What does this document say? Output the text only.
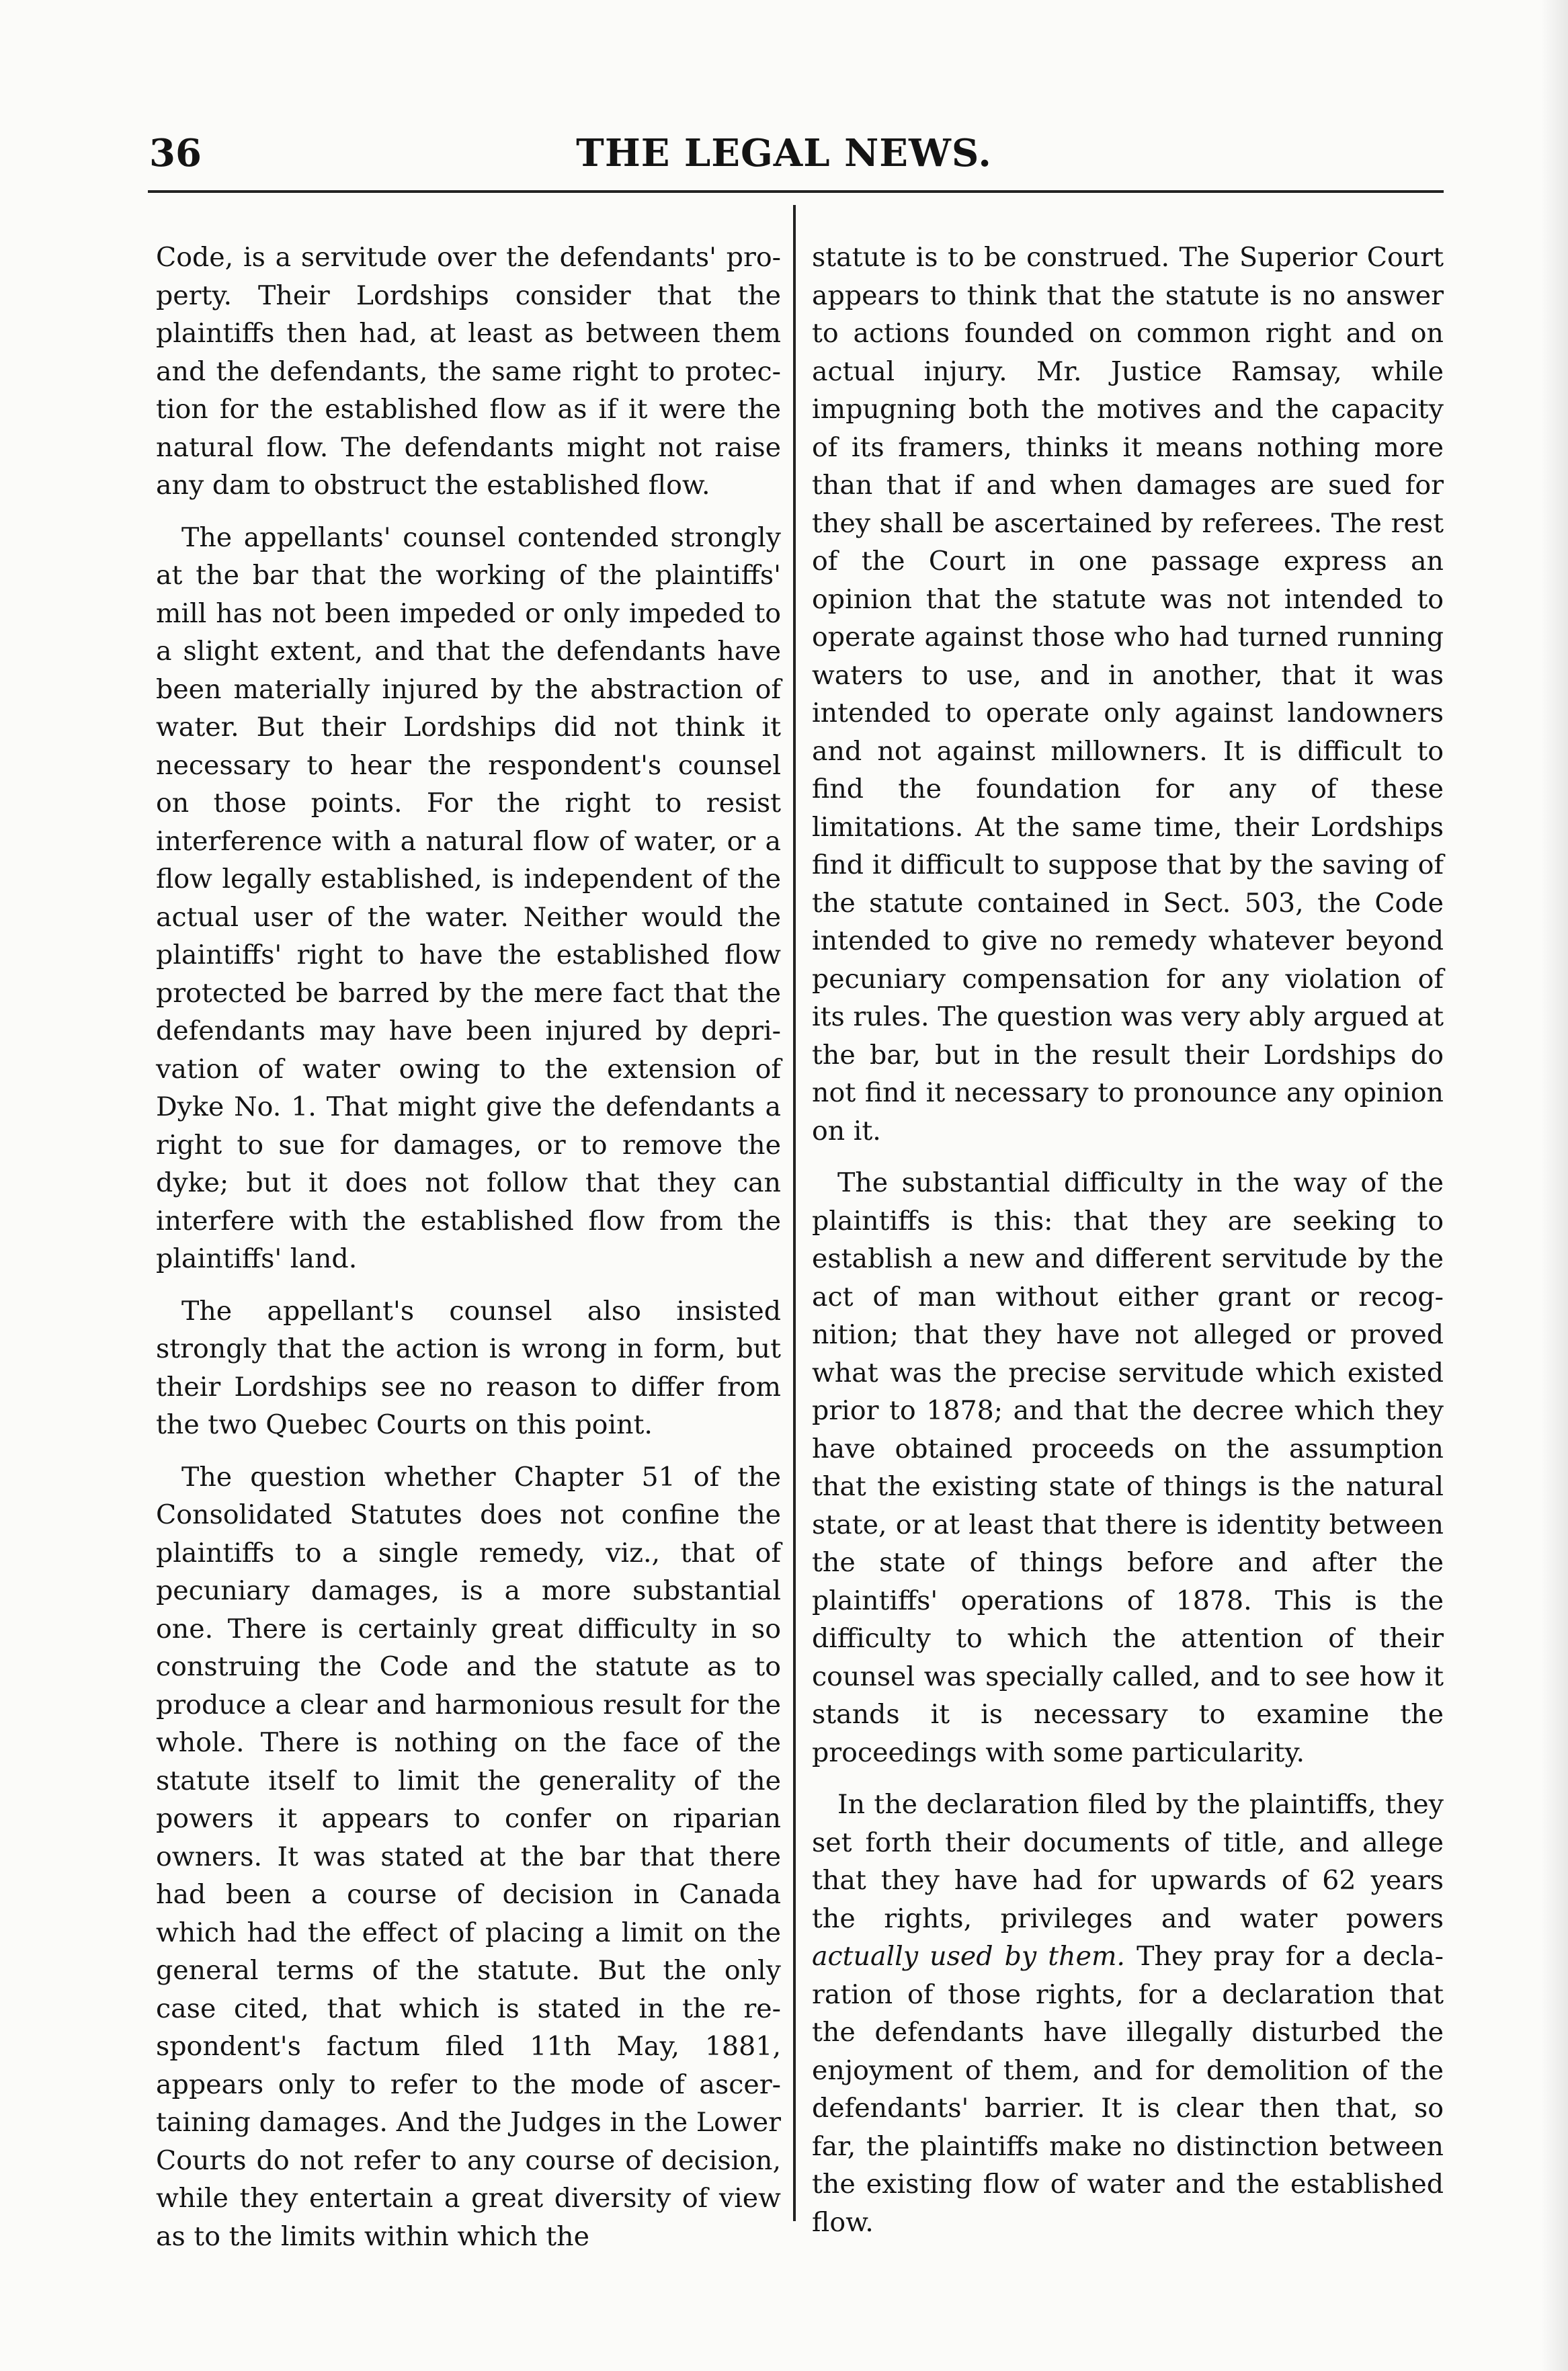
36	THE LEGAL NEWS.

Code, is a servitude over the defendants' property. Their Lordships consider that the plaintiffs then had, at least as between them and the defendants, the same right to protection for the established flow as if it were the natural flow. The defendants might not raise any dam to obstruct the established flow.

The appellants' counsel contended strongly at the bar that the working of the plaintiffs' mill has not been impeded or only impeded to a slight extent, and that the defendants have been materially injured by the abstraction of water. But their Lordships did not think it necessary to hear the respondent's counsel on those points. For the right to resist interference with a natural flow of water, or a flow legally established, is independent of the actual user of the water. Neither would the plaintiffs' right to have the established flow protected be barred by the mere fact that the defendants may have been injured by deprivation of water owing to the extension of Dyke No. 1. That might give the defendants a right to sue for damages, or to remove the dyke; but it does not follow that they can interfere with the established flow from the plaintiffs' land.

The appellant's counsel also insisted strongly that the action is wrong in form, but their Lordships see no reason to differ from the two Quebec Courts on this point.

The question whether Chapter 51 of the Consolidated Statutes does not confine the plaintiffs to a single remedy, viz., that of pecuniary damages, is a more substantial one. There is certainly great difficulty in so construing the Code and the statute as to produce a clear and harmonious result for the whole. There is nothing on the face of the statute itself to limit the generality of the powers it appears to confer on riparian owners. It was stated at the bar that there had been a course of decision in Canada which had the effect of placing a limit on the general terms of the statute. But the only case cited, that which is stated in the respondent's factum filed 11th May, 1881, appears only to refer to the mode of ascertaining damages. And the Judges in the Lower Courts do not refer to any course of decision, while they entertain a great diversity of view as to the limits within which the

statute is to be construed. The Superior Court appears to think that the statute is no answer to actions founded on common right and on actual injury. Mr. Justice Ramsay, while impugning both the motives and the capacity of its framers, thinks it means nothing more than that if and when damages are sued for they shall be ascertained by referees. The rest of the Court in one passage express an opinion that the statute was not intended to operate against those who had turned running waters to use, and in another, that it was intended to operate only against landowners and not against millowners. It is difficult to find the foundation for any of these limitations. At the same time, their Lordships find it difficult to suppose that by the saving of the statute contained in Sect. 503, the Code intended to give no remedy whatever beyond pecuniary compensation for any violation of its rules. The question was very ably argued at the bar, but in the result their Lordships do not find it necessary to pronounce any opinion on it.

The substantial difficulty in the way of the plaintiffs is this: that they are seeking to establish a new and different servitude by the act of man without either grant or recognition; that they have not alleged or proved what was the precise servitude which existed prior to 1878; and that the decree which they have obtained proceeds on the assumption that the existing state of things is the natural state, or at least that there is identity between the state of things before and after the plaintiffs' operations of 1878. This is the difficulty to which the attention of their counsel was specially called, and to see how it stands it is necessary to examine the proceedings with some particularity.

In the declaration filed by the plaintiffs, they set forth their documents of title, and allege that they have had for upwards of 62 years the rights, privileges and water powers actually used by them. They pray for a declaration of those rights, for a declaration that the defendants have illegally disturbed the enjoyment of them, and for demolition of the defendants' barrier. It is clear then that, so far, the plaintiffs make no distinction between the existing flow of water and the established flow.
